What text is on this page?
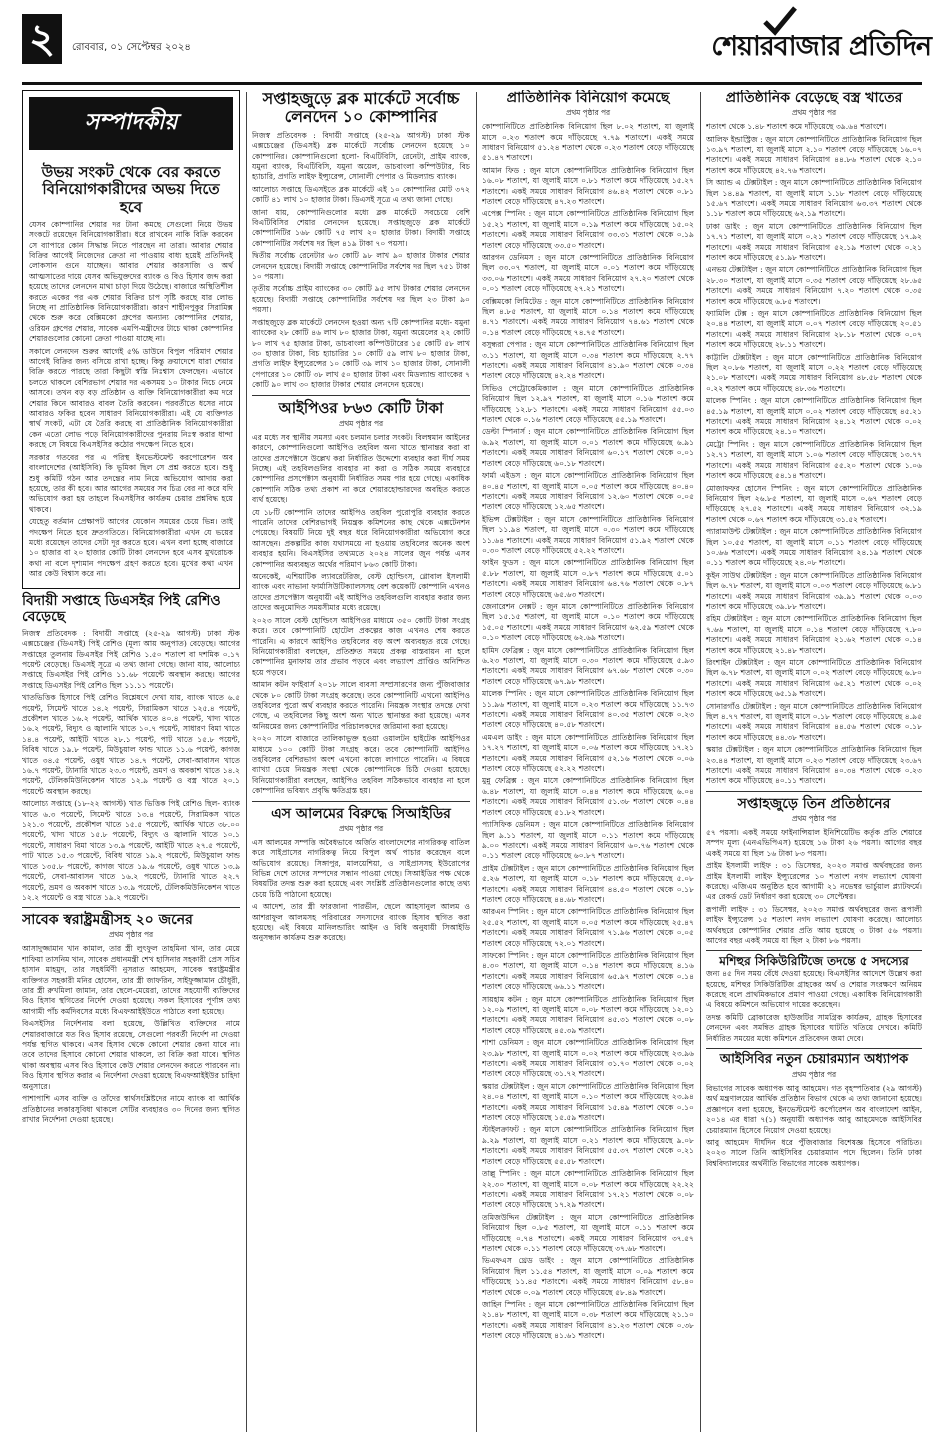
২	রোববার, ০১ সেপ্টেম্বর ২০২৪	শেয়ারবাজার প্রতিদিন
সম্পাদকীয়
উভয় সংকট থেকে বের করতে বিনিয়োগকারীদের অভয় দিতে হবে

যেসব কোম্পানির শেয়ার দর টানা কমছে সেগুলো নিয়ে উভয় সংকটে রয়েছেন বিনিয়োগকারীরা। ধরে রাখবেন নাকি বিক্রি করবেন সে ব্যাপারে কোন সিদ্ধান্ত নিতে পারছেন না তারা। আবার শেয়ার বিক্রির আগেই নিজেদের ক্রেতা না পাওয়ায় বাধ্য হয়েই প্রতিদিনই লোকসান গুনে যাচ্ছেন। আবার শেয়ার কারসাজি ও অর্থ আত্মসাতের দায়ে যেসব অভিযুক্তদের ব্যাংক ও বিও হিসাব জব্দ করা হয়েছে তাদের লেনদেন মাথা চাড়া দিয়ে উঠেছে। বাজারে অস্থিতিশীল করতে একের পর এক শেয়ার বিক্রির চাপ সৃষ্টি করছে যার লোভ নিচ্ছে না প্রাতিষ্ঠানিক বিনিয়োগকারীরা। কারণ শাহীনপুকুর সিরামিক্স থেকে শুরু করে বেক্সিমকো গ্রুপের অন্যান্য কোম্পানির শেয়ার, ওরিয়ন গ্রুপের শেয়ার, সাবেক এমপি-মন্ত্রীদের টাচে থাকা কোম্পানির শেয়ারগুলোর কোনো ক্রেতা পাওয়া যাচ্ছে না।

সকালে লেনদেন শুরুর আগেই ৫% ডাউনে বিপুল পরিমাণ শেয়ার আগেই বিক্রির জন্য বসিয়ে রাখা হচ্ছে। কিন্তু ক্রয়াদেশে যারা শেয়ার বিক্রি করতে পারছে তারা কিছুটা স্বস্তি নিঃশ্বাস ফেলছেন। এভাবে চলতে থাকলে বেশিরভাগ শেয়ার দর একসময় ১০ টাকার নিচে নেমে আসবে। তখন বড় বড় প্রতিষ্ঠান ও ব্যক্তি বিনিয়োগকারীরা কম দরে শেয়ার কিনে আবারও বাবল তৈরি করবেন। পরবর্তীতে ধসের নামে আবারও ফকির হবেন সাধারণ বিনিয়োগকারীরা। এই যে ব্যক্তিগত স্বার্থ সংকট, এটা যে তৈরি করছে বা প্রাতিষ্ঠানিক বিনিয়োগকারীরা কেন এতো লোভ পড়ে বিনিয়োগকারীদের পুনরায় নিঃস্ব করার ধান্দা করছে সে বিষয়ে বিএসইসির কঠোর পদক্ষেপ নিতে হবে।

সরকার গতবের পর এ পরিস্থ ইনভেস্টমেন্ট করপোরেশন অব বাংলাদেশের (আইসিবি) কি ভূমিকা ছিল সে প্রশ্ন করতে হবে। শুধু শুধু কমিটি গঠন আর তদন্তের নাম নিয়ে অভিযোগ আদায় করা হয়েছে, তার কী হবে। আর আগের সময়ের সব চিত্র বের না করে যদি অভিযোগ করা হয় তাহলে বিএসইসির কার্যক্রম চেয়ার প্রশ্নবিদ্ধ হয়ে থাকবে।

যেহেতু বর্তমান প্রেক্ষাপট আগের যেকোন সময়ের চেয়ে ভিন্ন। তাই পদক্ষেপ নিতে হবে দ্রুতগতিতে। বিনিয়োগকারীরা এখন যে ভয়ের মধ্যে রয়েছেন তাদের সেটা দূর করতে হবে। এখন বলা হচ্ছে বাজারে ১০ হাজার বা ২০ হাজার কোটি টাকা লেনদেন হবে এসব মুখরোচক কথা না বলে দৃশ্যমান পদক্ষেপ গ্রহণ করতে হবে। মুখের কথা এখন আর কেউ বিশ্বাস করে না।

বিদায়ী সপ্তাহে ডিএসইর পিই রেশিও বেড়েছে

নিজস্ব প্রতিবেদক : বিদায়ী সপ্তাহে (২৫-২৯ আগস্ট) ঢাকা স্টক এক্সচেঞ্জের (ডিএসই) পিই রেশিও (মূল্য আয় অনুপাত) বেড়েছে। আগের সপ্তাহের তুলনায় ডিএসইর পিই রেশিও ১.৫০ শতাংশ বা দশমিক ০.১৭ পয়েন্ট বেড়েছে। ডিএসই সূত্রে এ তথ্য জানা গেছে। জানা যায়, আলোচ্য সপ্তাহে ডিএসইর পিই রেশিও ১১.৬৮ পয়েন্টে অবস্থান করছে। আগের সপ্তাহে ডিএসইর পিই রেশিও ছিল ১১.১১ পয়েন্টে।

খাতভিত্তিক হিসাবে পিই রেশিও বিশ্লেষণে দেখা যায়, ব্যাংক খাতে ৬.৫ পয়েন্ট, সিমেন্ট খাতে ১৪.২ পয়েন্ট, সিরামিকস খাতে ১২৫.৪ পয়েন্ট, প্রকৌশল খাতে ১৬.২ পয়েন্ট, আর্থিক খাতে ৪০.৪ পয়েন্ট, খাদ্য খাতে ১৬.২ পয়েন্ট, বিদ্যুৎ ও জ্বালানি খাতে ১০.৭ পয়েন্ট, সাধারণ বিমা খাতে ১৪.৪ পয়েন্ট, আইটি খাতে ২৮.১ পয়েন্ট, পাট খাতে ১৫.৮ পয়েন্ট, বিবিধ খাতে ১৯.৮ পয়েন্ট, মিউচুয়াল ফান্ড খাতে ১১.৬ পয়েন্ট, কাগজ খাতে ৩৪.৫ পয়েন্ট, ওষুধ খাতে ১৪.৭ পয়েন্ট, সেবা-আবাসন খাতে ১৬.৭ পয়েন্ট, ট্যানারি খাতে ২৩.৩ পয়েন্ট, ভ্রমণ ও অবকাশ খাতে ১৪.২ পয়েন্ট, টেলিকমিউনিকেশন খাতে ১২.৯ পয়েন্ট ও বস্ত্র খাতে ২০.১ পয়েন্টে অবস্থান করছে।

আলোচ্য সপ্তাহে (১৮-২২ আগস্ট) খাত ভিত্তিক পিই রেশিও ছিল- ব্যাংক খাতে ৬.৩ পয়েন্টে, সিমেন্ট খাতে ১৩.৪ পয়েন্টে, সিরামিকস খাতে ১২১.৩ পয়েন্টে, প্রকৌশল খাতে ১৫.৫ পয়েন্টে, আর্থিক খাতে ৩৮.০০ পয়েন্টে, খাদ্য খাতে ১৫.৮ পয়েন্টে, বিদ্যুৎ ও জ্বালানি খাতে ১০.১ পয়েন্টে, সাধারণ বিমা খাতে ১৩.৯ পয়েন্টে, আইটি খাতে ২৭.৫ পয়েন্টে, পাট খাতে ১৫.৩ পয়েন্টে, বিবিধ খাতে ১৯.২ পয়েন্টে, মিউচুয়াল ফান্ড খাতে ১৩৫.৮ পয়েন্টে, কাগজ খাতে ১৯.৬ পয়েন্টে, ওষুধ খাতে ১৩.৯ পয়েন্টে, সেবা-আবাসন খাতে ১৬.২ পয়েন্টে, ট্যানারি খাতে ২২.৭ পয়েন্টে, ভ্রমণ ও অবকাশ খাতে ১৩.৯ পয়েন্টে, টেলিকমিউনিকেশন খাতে ১২.২ পয়েন্টে ও বস্ত্র খাতে ১৯.২ পয়েন্টে।

সাবেক স্বরাষ্ট্রমন্ত্রীসহ ২০ জনের
প্রথম পৃষ্ঠার পর

আসাদুজ্জামান খান কামাল, তার স্ত্রী লুৎফুল তাহমিনা খান, তার মেয়ে শাফিয়া তাসনিম খান, সাবেক প্রধানমন্ত্রী শেখ হাসিনার সহকারী প্রেস সচিব হাসান মাহমুদ, তার সহধর্মিণী নুসরাত আহমেদ, সাবেক স্বরাষ্ট্রমন্ত্রীর ব্যক্তিগত সহকারী মনির হোসেন, তার স্ত্রী জাফরিন, সাইফুজ্জামান চৌধুরী, তার স্ত্রী রুখমিলা জামান, তার ছেলে-মেয়েরা, তাদের সহযোগী ব্যক্তিদের বিও হিসাব স্থগিতের নির্দেশ দেওয়া হয়েছে। সকল হিসাবের পূর্ণাঙ্গ তথ্য আগামী পাঁচ কর্মদিবসের মধ্যে বিএফআইইউতে পাঠাতে বলা হয়েছে।

বিএসইসির নির্দেশনায় বলা হয়েছে, উল্লিখিত ব্যক্তিদের নামে শেয়ারবাজারে যত বিও হিসাব রয়েছে, সেগুলো পরবর্তী নির্দেশ না দেওয়া পর্যন্ত স্থগিত থাকবে। এসব হিসাব থেকে কোনো শেয়ার কেনা যাবে না। তবে তাদের হিসাবে কোনো শেয়ার থাকলে, তা বিক্রি করা যাবে। স্থগিত থাকা অবস্থায় এসব বিও হিসাবে কেউ শেয়ার লেনদেন করতে পারবেন না। বিও হিসাব স্থগিত করার এ নির্দেশনা দেওয়া হয়েছে বিএফআইইউর চাহিদা অনুসারে।

পাশাপাশি এসব ব্যক্তি ও তাঁদের স্বার্থসংশ্লিষ্টদের নামে ব্যাংক বা আর্থিক প্রতিষ্ঠানের লকারসুবিধা থাকলে সেটির ব্যবহারও ৩০ দিনের জন্য স্থগিত রাখার নির্দেশনা দেওয়া হয়েছে।

সপ্তাহজুড়ে ব্লক মার্কেটে সর্বোচ্চ লেনদেন ১০ কোম্পানির

নিজস্ব প্রতিবেদক : বিদায়ী সপ্তাহে (২৫-২৯ আগস্ট) ঢাকা স্টক এক্সচেঞ্জের (ডিএসই) ব্লক মার্কেটে সর্বোচ্চ লেনদেন হয়েছে ১০ কোম্পানির। কোম্পানিগুলো হলো- বিএটিবিসি, রেনেটা, প্রাইম ব্যাংক, যমুনা ব্যাংক, বিএটিবিসি, যমুনা অয়েল, ডাচবাংলা কম্পিউটার, বিচ হ্যাচারি, প্রগতি লাইফ ইন্স্যুরেন্স, সোনালী পেপার ও মিডল্যান্ড ব্যাংক।

আলোচ্য সপ্তাহে ডিএসইতে ব্লক মার্কেটে এই ১০ কোম্পানির মোট ৩৭২ কোটি ৪১ লাখ ১০ হাজার টাকা। ডিএসই সূত্রে এ তথ্য জানা গেছে।

জানা যায়, কোম্পানিগুলোর মধ্যে ব্লক মার্কেটে সবচেয়ে বেশি বিএটিবিসির শেয়ার লেনদেন হয়েছে। সপ্তাহজুড়ে ব্লক মার্কেটে কোম্পানিটির ১৬৮ কোটি ৭৫ লাখ ২০ হাজার টাকা। বিদায়ী সপ্তাহে কোম্পানিটির সর্বশেষ দর ছিল ৪১৯ টাকা ৭০ পয়সা।

দ্বিতীয় সর্বোচ্চ রেনেটার ৬৩ কোটি ৯৮ লাখ ৯০ হাজার টাকার শেয়ার লেনদেন হয়েছে। বিদায়ী সপ্তাহে কোম্পানিটির সর্বশেষ দর ছিল ৭৫১ টাকা ১০ পয়সা।

তৃতীয় সর্বোচ্চ প্রাইম ব্যাংকের ৩০ কোটি ৯৫ লাখ টাকার শেয়ার লেনদেন হয়েছে। বিদায়ী সপ্তাহে কোম্পানিটির সর্বশেষ দর ছিল ২৩ টাকা ৯০ পয়সা।

সপ্তাহজুড়ে ব্লক মার্কেটে লেনদেন হওয়া অন্য ৭টি কোম্পানির মধ্যে- যমুনা ব্যাংকের ২৮ কোটি ৪৬ লাখ ৮০ হাজার টাকা, যমুনা অয়েলের ২২ কোটি ৮০ লাখ ৭৫ হাজার টাকা, ডাচবাংলা কম্পিউটারের ১৫ কোটি ৫৮ লাখ ৩০ হাজার টাকা, বিচ হ্যাচারির ১০ কোটি ৫৯ লাখ ৮০ হাজার টাকা, প্রগতি লাইফ ইন্স্যুরেন্সের ১০ কোটি ৩৯ লাখ ১০ হাজার টাকা, সোনালী পেপারের ১০ কোটি ৩৮ লাখ ৫০ হাজার টাকা এবং মিডল্যান্ড ব্যাংকের ৭ কোটি ৯০ লাখ ৩০ হাজার টাকার শেয়ার লেনদেন হয়েছে।

আইপিওর ৮৬৩ কোটি টাকা
প্রথম পৃষ্ঠার পর

এর মধ্যে সব স্থানীয় সমস্যা এবং চলমান চলার সংকট। বিলম্বমান আইনের কারণে, কোম্পানিগুলো আইপিও তহবিল অন্য খাতে স্থানান্তর করা বা তাদের প্রসপেক্টাসে উল্লেখ করা নির্ধারিত উদ্দেশ্যে ব্যবহার করা দীর্ঘ সময় নিচ্ছে। এই তহবিলগুলির ব্যবহার না করা ও সঠিক সময়ে ব্যবহারে কোম্পানির প্রসপেক্টাস অনুযায়ী নির্ধারিত সময় পার হয়ে গেছে। একাধিক কোম্পানি সঠিক তথ্য প্রকাশ না করে শেয়ারহোল্ডারদের অবহিত করতে ব্যর্থ হয়েছে।

যে ১৮টি কোম্পানি তাদের আইপিও তহবিল পুরোপুরি ব্যবহার করতে পারেনি তাদের বেশিরভাগই নিয়ন্ত্রক কমিশনের কাছ থেকে এক্সটেনশন পেয়েছে। বিষয়টি নিয়ে দুই বছর ধরে বিনিয়োগকারীরা অভিযোগ করে আসছেন। প্রকল্পটির কাজ যথাসময়ে না হওয়ায় তহবিলের অনেক অংশ ব্যবহার হয়নি। বিএসইসির তথ্যমতে ২০২৪ সালের জুন পর্যন্ত এসব কোম্পানির অব্যবহৃত অর্থের পরিমাণ ৮৬৩ কোটি টাকা।

অনেকেই, এশিয়াটিক ল্যাবরেটরিজ, বেস্ট হোল্ডিংস, গ্লোবাল ইসলামী ব্যাংক এবং নাভানা ফার্মাসিউটিক্যালসসহ বেশ কয়েকটি কোম্পানি এখনও তাদের প্রসপেক্টাস অনুযায়ী এই আইপিও তহবিলগুলি ব্যবহার করার জন্য তাদের অনুমোদিত সময়সীমার মধ্যে রয়েছে।

২০২৩ সালে বেস্ট হোল্ডিংস আইপিওর মাধ্যমে ৩৫০ কোটি টাকা সংগ্রহ করে। তবে কোম্পানিটি হোটেল প্রকল্পের কাজ এখনও শেষ করতে পারেনি। এ কারণে আইপিও তহবিলের বড় অংশ অব্যবহৃত রয়ে গেছে। বিনিয়োগকারীরা বলছেন, প্রতিশ্রুত সময়ে প্রকল্প বাস্তবায়ন না হলে কোম্পানির মুনাফায় তার প্রভাব পড়বে এবং লভ্যাংশ প্রাপ্তিও অনিশ্চিত হয়ে পড়বে।

আমান কটন ফাইবার্স ২০১৮ সালে ব্যবসা সম্প্রসারণের জন্য পুঁজিবাজার থেকে ৮০ কোটি টাকা সংগ্রহ করেছে। তবে কোম্পানিটি এখনো আইপিও তহবিলের পুরো অর্থ ব্যবহার করতে পারেনি। নিয়ন্ত্রক সংস্থার তদন্তে দেখা গেছে, এ তহবিলের কিছু অংশ অন্য খাতে স্থানান্তর করা হয়েছে। এসব অনিয়মের জন্য কোম্পানিটির পরিচালকদের জরিমানা করা হয়েছে।

২০২০ সালে বাজারে তালিকাভুক্ত হওয়া ওয়ালটন হাইটেক আইপিওর মাধ্যমে ১০০ কোটি টাকা সংগ্রহ করে। তবে কোম্পানিটি আইপিও তহবিলের বেশিরভাগ অংশ এখনো কাজে লাগাতে পারেনি। এ বিষয়ে ব্যাখ্যা চেয়ে নিয়ন্ত্রক সংস্থা থেকে কোম্পানিকে চিঠি দেওয়া হয়েছে। বিনিয়োগকারীরা বলছেন, আইপিও তহবিল সঠিকভাবে ব্যবহার না হলে কোম্পানির ভবিষ্যৎ প্রবৃদ্ধি ক্ষতিগ্রস্ত হয়।

এস আলমের বিরুদ্ধে সিআইডির
প্রথম পৃষ্ঠার পর

এস আলমের সম্পত্তি অবৈধভাবে অর্জিত বাংলাদেশের নাগরিকত্ব বাতিল করে সাইপ্রাসের নাগরিকত্ব নিয়ে বিপুল অর্থ পাচার করেছেন বলে অভিযোগ রয়েছে। সিঙ্গাপুর, মালয়েশিয়া, ও সাইপ্রাসসহ ইউরোপের বিভিন্ন দেশে তাদের সম্পদের সন্ধান পাওয়া গেছে। সিআইডির পক্ষ থেকে বিষয়টির তদন্ত শুরু করা হয়েছে এবং সংশ্লিষ্ট প্রতিষ্ঠানগুলোর কাছে তথ্য চেয়ে চিঠি পাঠানো হয়েছে।

এ আদেশ, তার স্ত্রী ফারজানা পারভীন, ছেলে আহসানুল আলম ও আশরাফুল আলমসহ পরিবারের সদস্যদের ব্যাংক হিসাব স্থগিত করা হয়েছে। এই বিষয়ে মানিলন্ডারিং আইন ও বিধি অনুযায়ী সিআইডি অনুসন্ধান কার্যক্রম শুরু করেছে।

প্রাতিষ্ঠানিক বিনিয়োগ কমেছে
প্রথম পৃষ্ঠার পর

কোম্পানিটিতে প্রাতিষ্ঠানিক বিনিয়োগ ছিল ৮.০২ শতাংশ, যা জুলাই মাসে ০.২৩ শতাংশ কমে দাঁড়িয়েছে ৭.৭৯ শতাংশে। একই সময়ে সাধারণ বিনিয়োগ ৫১.২৪ শতাংশ থেকে ০.২৩ শতাংশ বেড়ে দাঁড়িয়েছে ৫১.৪৭ শতাংশে।

আমান ফিড : জুন মাসে কোম্পানিটিতে প্রাতিষ্ঠানিক বিনিয়োগ ছিল ১৬.০৮ শতাংশ, যা জুলাই মাসে ০.৮১ শতাংশ কমে দাঁড়িয়েছে ১৫.২৭ শতাংশে। একই সময়ে সাধারণ বিনিয়োগ ৪৬.৪২ শতাংশ থেকে ০.৮১ শতাংশ বেড়ে দাঁড়িয়েছে ৪৭.২৩ শতাংশে।

এপেক্স স্পিনিং : জুন মাসে কোম্পানিটিতে প্রাতিষ্ঠানিক বিনিয়োগ ছিল ১৫.২১ শতাংশ, যা জুলাই মাসে ০.১৯ শতাংশ কমে দাঁড়িয়েছে ১৫.০২ শতাংশে। একই সময়ে সাধারণ বিনিয়োগ ৩৩.৩১ শতাংশ থেকে ০.১৯ শতাংশ বেড়ে দাঁড়িয়েছে ৩৩.৫০ শতাংশে।

আরগন ডেনিমস : জুন মাসে কোম্পানিটিতে প্রাতিষ্ঠানিক বিনিয়োগ ছিল ৩৩.০৭ শতাংশ, যা জুলাই মাসে ০.০১ শতাংশ কমে দাঁড়িয়েছে ৩৩.০৬ শতাংশে। একই সময়ে সাধারণ বিনিয়োগ ২৭.২০ শতাংশ থেকে ০.০১ শতাংশ বেড়ে দাঁড়িয়েছে ২৭.২১ শতাংশে।

বেক্সিমকো লিমিটেড : জুন মাসে কোম্পানিটিতে প্রাতিষ্ঠানিক বিনিয়োগ ছিল ৪.৮৫ শতাংশ, যা জুলাই মাসে ০.১৪ শতাংশ কমে দাঁড়িয়েছে ৪.৭১ শতাংশে। একই সময়ে সাধারণ বিনিয়োগ ৭৪.৬১ শতাংশ থেকে ০.১৪ শতাংশ বেড়ে দাঁড়িয়েছে ৭৪.৭৫ শতাংশে।

বসুন্ধরা পেপার : জুন মাসে কোম্পানিটিতে প্রাতিষ্ঠানিক বিনিয়োগ ছিল ৩.১১ শতাংশ, যা জুলাই মাসে ০.৩৪ শতাংশ কমে দাঁড়িয়েছে ২.৭৭ শতাংশে। একই সময়ে সাধারণ বিনিয়োগ ৪১.৯০ শতাংশ থেকে ০.৩৪ শতাংশ বেড়ে দাঁড়িয়েছে ৪২.২৪ শতাংশে।

সিভিও পেট্রোকেমিক্যাল : জুন মাসে কোম্পানিটিতে প্রাতিষ্ঠানিক বিনিয়োগ ছিল ১২.৯৭ শতাংশ, যা জুলাই মাসে ০.১৬ শতাংশ কমে দাঁড়িয়েছে ১২.৮১ শতাংশে। একই সময়ে সাধারণ বিনিয়োগ ৫৫.০৩ শতাংশ থেকে ০.১৬ শতাংশ বেড়ে দাঁড়িয়েছে ৫৫.১৯ শতাংশে।

ডেল্টা স্পিনার্স : জুন মাসে কোম্পানিটিতে প্রাতিষ্ঠানিক বিনিয়োগ ছিল ৬.৯২ শতাংশ, যা জুলাই মাসে ০.০১ শতাংশ কমে দাঁড়িয়েছে ৬.৯১ শতাংশে। একই সময়ে সাধারণ বিনিয়োগ ৬০.১৭ শতাংশ থেকে ০.০১ শতাংশ বেড়ে দাঁড়িয়েছে ৬০.১৮ শতাংশে।

ফার্মা এইডস : জুন মাসে কোম্পানিটিতে প্রাতিষ্ঠানিক বিনিয়োগ ছিল ৪০.৪৫ শতাংশ, যা জুলাই মাসে ০.০৫ শতাংশ কমে দাঁড়িয়েছে ৪০.৪০ শতাংশে। একই সময়ে সাধারণ বিনিয়োগ ১২.৬০ শতাংশ থেকে ০.০৫ শতাংশ বেড়ে দাঁড়িয়েছে ১২.৬৫ শতাংশে।

ইভিন্স টেক্সটাইল : জুন মাসে কোম্পানিটিতে প্রাতিষ্ঠানিক বিনিয়োগ ছিল ১১.৯৪ শতাংশ, যা জুলাই মাসে ০.৩০ শতাংশ কমে দাঁড়িয়েছে ১১.৬৪ শতাংশে। একই সময়ে সাধারণ বিনিয়োগ ৫১.৯২ শতাংশ থেকে ০.৩০ শতাংশ বেড়ে দাঁড়িয়েছে ৫২.২২ শতাংশে।

ফাইন ফুডস : জুন মাসে কোম্পানিটিতে প্রাতিষ্ঠানিক বিনিয়োগ ছিল ৫.৮৮ শতাংশ, যা জুলাই মাসে ০.৮৭ শতাংশ কমে দাঁড়িয়েছে ৫.০১ শতাংশে। একই সময়ে সাধারণ বিনিয়োগ ৬৪.৭৬ শতাংশ থেকে ০.৮৭ শতাংশ বেড়ে দাঁড়িয়েছে ৬৫.৬৩ শতাংশে।

জেনারেশন নেক্সট : জুন মাসে কোম্পানিটিতে প্রাতিষ্ঠানিক বিনিয়োগ ছিল ১৫.১৫ শতাংশ, যা জুলাই মাসে ০.১০ শতাংশ কমে দাঁড়িয়েছে ১৫.০৫ শতাংশে। একই সময়ে সাধারণ বিনিয়োগ ৬২.৫৯ শতাংশ থেকে ০.১০ শতাংশ বেড়ে দাঁড়িয়েছে ৬২.৬৯ শতাংশে।

হামিদ ফেব্রিক্স : জুন মাসে কোম্পানিটিতে প্রাতিষ্ঠানিক বিনিয়োগ ছিল ৬.২৩ শতাংশ, যা জুলাই মাসে ০.৩০ শতাংশ কমে দাঁড়িয়েছে ৫.৯৩ শতাংশে। একই সময়ে সাধারণ বিনিয়োগ ৬৭.৬৮ শতাংশ থেকে ০.৩০ শতাংশ বেড়ে দাঁড়িয়েছে ৬৭.৯৮ শতাংশে।

মালেক স্পিনিং : জুন মাসে কোম্পানিটিতে প্রাতিষ্ঠানিক বিনিয়োগ ছিল ১১.৯৬ শতাংশ, যা জুলাই মাসে ০.২৩ শতাংশ কমে দাঁড়িয়েছে ১১.৭৩ শতাংশে। একই সময়ে সাধারণ বিনিয়োগ ৪০.৩৫ শতাংশ থেকে ০.২৩ শতাংশ বেড়ে দাঁড়িয়েছে ৪০.৫৮ শতাংশে।

এমএল ডাইং : জুন মাসে কোম্পানিটিতে প্রাতিষ্ঠানিক বিনিয়োগ ছিল ১৭.২৭ শতাংশ, যা জুলাই মাসে ০.০৬ শতাংশ কমে দাঁড়িয়েছে ১৭.২১ শতাংশে। একই সময়ে সাধারণ বিনিয়োগ ৫২.১৬ শতাংশ থেকে ০.০৬ শতাংশ বেড়ে দাঁড়িয়েছে ৫২.২২ শতাংশে।

মুন্নু ফেব্রিক্স : জুন মাসে কোম্পানিটিতে প্রাতিষ্ঠানিক বিনিয়োগ ছিল ৬.৪৮ শতাংশ, যা জুলাই মাসে ০.৪৪ শতাংশ কমে দাঁড়িয়েছে ৬.০৪ শতাংশে। একই সময়ে সাধারণ বিনিয়োগ ৫১.৩৮ শতাংশ থেকে ০.৪৪ শতাংশ বেড়ে দাঁড়িয়েছে ৫১.৮২ শতাংশে।

প্যাসিফিক ডেনিমস : জুন মাসে কোম্পানিটিতে প্রাতিষ্ঠানিক বিনিয়োগ ছিল ৯.১১ শতাংশ, যা জুলাই মাসে ০.১১ শতাংশ কমে দাঁড়িয়েছে ৯.০০ শতাংশে। একই সময়ে সাধারণ বিনিয়োগ ৬০.৭৬ শতাংশ থেকে ০.১১ শতাংশ বেড়ে দাঁড়িয়েছে ৬০.৮৭ শতাংশে।

প্রাইম টেক্সটাইল : জুন মাসে কোম্পানিটিতে প্রাতিষ্ঠানিক বিনিয়োগ ছিল ৫.২৬ শতাংশ, যা জুলাই মাসে ০.১৮ শতাংশ কমে দাঁড়িয়েছে ৫.০৮ শতাংশে। একই সময়ে সাধারণ বিনিয়োগ ৪৪.৫০ শতাংশ থেকে ০.১৮ শতাংশ বেড়ে দাঁড়িয়েছে ৪৪.৬৮ শতাংশে।

আরএন স্পিনিং : জুন মাসে কোম্পানিটিতে প্রাতিষ্ঠানিক বিনিয়োগ ছিল ২৫.৫২ শতাংশ, যা জুলাই মাসে ০.০৫ শতাংশ কমে দাঁড়িয়েছে ২৫.৪৭ শতাংশে। একই সময়ে সাধারণ বিনিয়োগ ৭১.৯৬ শতাংশ থেকে ০.০৫ শতাংশ বেড়ে দাঁড়িয়েছে ৭২.০১ শতাংশে।

সাফকো স্পিনিং : জুন মাসে কোম্পানিটিতে প্রাতিষ্ঠানিক বিনিয়োগ ছিল ৪.৩০ শতাংশ, যা জুলাই মাসে ০.১৪ শতাংশ কমে দাঁড়িয়েছে ৪.১৬ শতাংশে। একই সময়ে সাধারণ বিনিয়োগ ৬৫.৯৭ শতাংশ থেকে ০.১৪ শতাংশ বেড়ে দাঁড়িয়েছে ৬৬.১১ শতাংশে।

সায়হাম কটন : জুন মাসে কোম্পানিটিতে প্রাতিষ্ঠানিক বিনিয়োগ ছিল ১২.০৯ শতাংশ, যা জুলাই মাসে ০.০৮ শতাংশ কমে দাঁড়িয়েছে ১২.০১ শতাংশে। একই সময়ে সাধারণ বিনিয়োগ ৪৫.৩১ শতাংশ থেকে ০.০৮ শতাংশ বেড়ে দাঁড়িয়েছে ৪৫.৩৯ শতাংশে।

শাশা ডেনিমস : জুন মাসে কোম্পানিটিতে প্রাতিষ্ঠানিক বিনিয়োগ ছিল ২৩.৯৮ শতাংশ, যা জুলাই মাসে ০.০২ শতাংশ কমে দাঁড়িয়েছে ২৩.৯৬ শতাংশে। একই সময়ে সাধারণ বিনিয়োগ ৩১.৭০ শতাংশ থেকে ০.০২ শতাংশ বেড়ে দাঁড়িয়েছে ৩১.৭২ শতাংশে।

স্কয়ার টেক্সটাইল : জুন মাসে কোম্পানিটিতে প্রাতিষ্ঠানিক বিনিয়োগ ছিল ২৪.০৪ শতাংশ, যা জুলাই মাসে ০.১০ শতাংশ কমে দাঁড়িয়েছে ২৩.৯৪ শতাংশে। একই সময়ে সাধারণ বিনিয়োগ ১৫.৪৯ শতাংশ থেকে ০.১০ শতাংশ বেড়ে দাঁড়িয়েছে ১৫.৫৯ শতাংশে।

স্টাইলক্রাফট : জুন মাসে কোম্পানিটিতে প্রাতিষ্ঠানিক বিনিয়োগ ছিল ৯.২৯ শতাংশ, যা জুলাই মাসে ০.২১ শতাংশ কমে দাঁড়িয়েছে ৯.০৮ শতাংশে। একই সময়ে সাধারণ বিনিয়োগ ৫৫.৩৭ শতাংশ থেকে ০.২১ শতাংশ বেড়ে দাঁড়িয়েছে ৫৫.৫৮ শতাংশে।

তাল্লু স্পিনিং : জুন মাসে কোম্পানিটিতে প্রাতিষ্ঠানিক বিনিয়োগ ছিল ২২.৩০ শতাংশ, যা জুলাই মাসে ০.০৮ শতাংশ কমে দাঁড়িয়েছে ২২.২২ শতাংশে। একই সময়ে সাধারণ বিনিয়োগ ১৭.২১ শতাংশ থেকে ০.০৮ শতাংশ বেড়ে দাঁড়িয়েছে ১৭.২৯ শতাংশে।

তমিজউদ্দিন টেক্সটাইল : জুন মাসে কোম্পানিটিতে প্রাতিষ্ঠানিক বিনিয়োগ ছিল ০.৮৫ শতাংশ, যা জুলাই মাসে ০.১১ শতাংশ কমে দাঁড়িয়েছে ০.৭৪ শতাংশে। একই সময়ে সাধারণ বিনিয়োগ ৩৭.৫৭ শতাংশ থেকে ০.১১ শতাংশ বেড়ে দাঁড়িয়েছে ৩৭.৬৮ শতাংশে।

ভিএফএস থ্রেড ডাইং : জুন মাসে কোম্পানিটিতে প্রাতিষ্ঠানিক বিনিয়োগ ছিল ১১.৫৪ শতাংশ, যা জুলাই মাসে ০.০৯ শতাংশ কমে দাঁড়িয়েছে ১১.৪৫ শতাংশে। একই সময়ে সাধারণ বিনিয়োগ ৫৮.৪০ শতাংশ থেকে ০.০৯ শতাংশ বেড়ে দাঁড়িয়েছে ৫৮.৪৯ শতাংশে।

জাহিন স্পিনিং : জুন মাসে কোম্পানিটিতে প্রাতিষ্ঠানিক বিনিয়োগ ছিল ২১.৪৮ শতাংশ, যা জুলাই মাসে ০.৩৮ শতাংশ কমে দাঁড়িয়েছে ২১.১০ শতাংশে। একই সময়ে সাধারণ বিনিয়োগ ৪১.২৩ শতাংশ থেকে ০.৩৮ শতাংশ বেড়ে দাঁড়িয়েছে ৪১.৬১ শতাংশে।

প্রাতিষ্ঠানিক বেড়েছে বস্ত্র খাতের
প্রথম পৃষ্ঠার পর

শতাংশ থেকে ১.৪৮ শতাংশ কমে দাঁড়িয়েছে ৩৯.৬৪ শতাংশে।

আলিফ ইন্ডাস্ট্রিজ : জুন মাসে কোম্পানিটিতে প্রাতিষ্ঠানিক বিনিয়োগ ছিল ১৩.৯৭ শতাংশ, যা জুলাই মাসে ২.১০ শতাংশ বেড়ে দাঁড়িয়েছে ১৬.০৭ শতাংশে। একই সময়ে সাধারণ বিনিয়োগ ৪৪.৮৬ শতাংশ থেকে ২.১০ শতাংশ কমে দাঁড়িয়েছে ৪২.৭৬ শতাংশে।

সি অ্যান্ড এ টেক্সটাইল : জুন মাসে কোম্পানিটিতে প্রাতিষ্ঠানিক বিনিয়োগ ছিল ১৪.৪৯ শতাংশ, যা জুলাই মাসে ১.১৮ শতাংশ বেড়ে দাঁড়িয়েছে ১৫.৬৭ শতাংশে। একই সময়ে সাধারণ বিনিয়োগ ৬৩.৩৭ শতাংশ থেকে ১.১৮ শতাংশ কমে দাঁড়িয়েছে ৬২.১৯ শতাংশে।

ঢাকা ডাইং : জুন মাসে কোম্পানিটিতে প্রাতিষ্ঠানিক বিনিয়োগ ছিল ১৭.৭১ শতাংশ, যা জুলাই মাসে ০.২১ শতাংশ বেড়ে দাঁড়িয়েছে ১৭.৯২ শতাংশে। একই সময়ে সাধারণ বিনিয়োগ ৫২.১৯ শতাংশ থেকে ০.২১ শতাংশ কমে দাঁড়িয়েছে ৫১.৯৮ শতাংশে।

এনভয় টেক্সটাইল : জুন মাসে কোম্পানিটিতে প্রাতিষ্ঠানিক বিনিয়োগ ছিল ২৮.৩০ শতাংশ, যা জুলাই মাসে ০.৩৫ শতাংশ বেড়ে দাঁড়িয়েছে ২৮.৬৫ শতাংশে। একই সময়ে সাধারণ বিনিয়োগ ৭.২০ শতাংশ থেকে ০.৩৫ শতাংশ কমে দাঁড়িয়েছে ৬.৮৫ শতাংশে।

ফ্যামিলি টেক্স : জুন মাসে কোম্পানিটিতে প্রাতিষ্ঠানিক বিনিয়োগ ছিল ২০.৪৪ শতাংশ, যা জুলাই মাসে ০.০৭ শতাংশ বেড়ে দাঁড়িয়েছে ২০.৫১ শতাংশে। একই সময়ে সাধারণ বিনিয়োগ ২৮.১৮ শতাংশ থেকে ০.০৭ শতাংশ কমে দাঁড়িয়েছে ২৮.১১ শতাংশে।

কাট্টালি টেক্সটাইল : জুন মাসে কোম্পানিটিতে প্রাতিষ্ঠানিক বিনিয়োগ ছিল ২০.৮৬ শতাংশ, যা জুলাই মাসে ০.২২ শতাংশ বেড়ে দাঁড়িয়েছে ২১.০৮ শতাংশে। একই সময়ে সাধারণ বিনিয়োগ ৪৮.৫৮ শতাংশ থেকে ০.২২ শতাংশ কমে দাঁড়িয়েছে ৪৮.৩৬ শতাংশে।

মালেক স্পিনিং : জুন মাসে কোম্পানিটিতে প্রাতিষ্ঠানিক বিনিয়োগ ছিল ৪৫.১৯ শতাংশ, যা জুলাই মাসে ০.০২ শতাংশ বেড়ে দাঁড়িয়েছে ৪৫.২১ শতাংশে। একই সময়ে সাধারণ বিনিয়োগ ২৪.১২ শতাংশ থেকে ০.০২ শতাংশ কমে দাঁড়িয়েছে ২৪.১০ শতাংশে।

মেট্রো স্পিনিং : জুন মাসে কোম্পানিটিতে প্রাতিষ্ঠানিক বিনিয়োগ ছিল ১২.৭১ শতাংশ, যা জুলাই মাসে ১.০৬ শতাংশ বেড়ে দাঁড়িয়েছে ১৩.৭৭ শতাংশে। একই সময়ে সাধারণ বিনিয়োগ ৫৫.২০ শতাংশ থেকে ১.০৬ শতাংশ কমে দাঁড়িয়েছে ৫৪.১৪ শতাংশে।

মোজাফফর হোসেন স্পিনিং : জুন মাসে কোম্পানিটিতে প্রাতিষ্ঠানিক বিনিয়োগ ছিল ২৬.৮৫ শতাংশ, যা জুলাই মাসে ০.৬৭ শতাংশ বেড়ে দাঁড়িয়েছে ২৭.৫২ শতাংশে। একই সময়ে সাধারণ বিনিয়োগ ৩২.১৯ শতাংশ থেকে ০.৬৭ শতাংশ কমে দাঁড়িয়েছে ৩১.৫২ শতাংশে।

প্যারামাউন্ট টেক্সটাইল : জুন মাসে কোম্পানিটিতে প্রাতিষ্ঠানিক বিনিয়োগ ছিল ১০.৫৫ শতাংশ, যা জুলাই মাসে ০.১১ শতাংশ বেড়ে দাঁড়িয়েছে ১০.৬৬ শতাংশে। একই সময়ে সাধারণ বিনিয়োগ ২৪.১৯ শতাংশ থেকে ০.১১ শতাংশ কমে দাঁড়িয়েছে ২৪.০৮ শতাংশে।

কুইন সাউথ টেক্সটাইল : জুন মাসে কোম্পানিটিতে প্রাতিষ্ঠানিক বিনিয়োগ ছিল ৬.৭৮ শতাংশ, যা জুলাই মাসে ০.০৩ শতাংশ বেড়ে দাঁড়িয়েছে ৬.৮১ শতাংশে। একই সময়ে সাধারণ বিনিয়োগ ৩৯.৯১ শতাংশ থেকে ০.০৩ শতাংশ কমে দাঁড়িয়েছে ৩৯.৮৮ শতাংশে।

রহিম টেক্সটাইল : জুন মাসে কোম্পানিটিতে প্রাতিষ্ঠানিক বিনিয়োগ ছিল ৭.৬৬ শতাংশ, যা জুলাই মাসে ০.১৪ শতাংশ বেড়ে দাঁড়িয়েছে ৭.৮০ শতাংশে। একই সময়ে সাধারণ বিনিয়োগ ২১.৬২ শতাংশ থেকে ০.১৪ শতাংশ কমে দাঁড়িয়েছে ২১.৪৮ শতাংশে।

রিংশাইন টেক্সটাইল : জুন মাসে কোম্পানিটিতে প্রাতিষ্ঠানিক বিনিয়োগ ছিল ৬.৭৮ শতাংশ, যা জুলাই মাসে ০.০২ শতাংশ বেড়ে দাঁড়িয়েছে ৬.৮০ শতাংশে। একই সময়ে সাধারণ বিনিয়োগ ৬৫.২১ শতাংশ থেকে ০.০২ শতাংশ কমে দাঁড়িয়েছে ৬৫.১৯ শতাংশে।

সোনারগাঁও টেক্সটাইল : জুন মাসে কোম্পানিটিতে প্রাতিষ্ঠানিক বিনিয়োগ ছিল ৪.৭৭ শতাংশ, যা জুলাই মাসে ০.১৮ শতাংশ বেড়ে দাঁড়িয়েছে ৪.৯৫ শতাংশে। একই সময়ে সাধারণ বিনিয়োগ ৪৪.৫৬ শতাংশ থেকে ০.১৮ শতাংশ কমে দাঁড়িয়েছে ৪৪.৩৮ শতাংশে।

স্কয়ার টেক্সটাইল : জুন মাসে কোম্পানিটিতে প্রাতিষ্ঠানিক বিনিয়োগ ছিল ২৩.৪৪ শতাংশ, যা জুলাই মাসে ০.২৩ শতাংশ বেড়ে দাঁড়িয়েছে ২৩.৬৭ শতাংশে। একই সময়ে সাধারণ বিনিয়োগ ৪০.৩৪ শতাংশ থেকে ০.২৩ শতাংশ কমে দাঁড়িয়েছে ৪০.১১ শতাংশে।

সপ্তাহজুড়ে তিন প্রতিষ্ঠানের
প্রথম পৃষ্ঠার পর

৫৭ পয়সা। একই সময়ে ফাইনান্সিয়াল ইনিশিয়েটিভ কর্তৃক প্রতি শেয়ারে সম্পদ মূল্য (এনএভিপিএস) হয়েছে ১৬ টাকা ২৬ পয়সা। আগের বছর একই সময়ে যা ছিল ১৬ টাকা ৮৩ পয়সা।

প্রাইম ইসলামী লাইফ : ৩১ ডিসেম্বর, ২০২৩ সমাপ্ত অর্থবছরের জন্য প্রাইম ইসলামী লাইফ ইন্স্যুরেন্সের ১০ শতাংশ নগদ লভ্যাংশ ঘোষণা করেছে। এজিএম অনুষ্ঠিত হবে আগামী ২১ নভেম্বর ভার্চুয়াল প্ল্যাটফর্মে। এর রেকর্ড ডেট নির্ধারণ করা হয়েছে ৩০ সেপ্টেম্বর।

রূপালী লাইফ : ৩১ ডিসেম্বর, ২০২৩ সমাপ্ত অর্থবছরের জন্য রূপালী লাইফ ইন্স্যুরেন্স ১৫ শতাংশ নগদ লভ্যাংশ ঘোষণা করেছে। আলোচ্য অর্থবছরে কোম্পানির শেয়ার প্রতি আয় হয়েছে ৩ টাকা ৫৬ পয়সা। আগের বছর একই সময়ে যা ছিল ২ টাকা ৮৬ পয়সা।

মশিহুর সিকিউরিটিজে তদন্তে ৫ সদস্যের

জন্য ৪৫ দিন সময় বেঁধে দেওয়া হয়েছে। বিএসইসির আদেশে উল্লেখ করা হয়েছে, মশিহুর সিকিউরিটিজ গ্রাহকের অর্থ ও শেয়ার সংরক্ষণে অনিয়ম করেছে বলে প্রাথমিকভাবে প্রমাণ পাওয়া গেছে। একাধিক বিনিয়োগকারী এ বিষয়ে কমিশনে অভিযোগ দায়ের করেছেন।

তদন্ত কমিটি ব্রোকারেজ হাউজটির সামগ্রিক কার্যক্রম, গ্রাহক হিসাবের লেনদেন এবং সমন্বিত গ্রাহক হিসাবের ঘাটতি খতিয়ে দেখবে। কমিটি নির্ধারিত সময়ের মধ্যে কমিশনে প্রতিবেদন জমা দেবে।

আইসিবির নতুন চেয়ারম্যান অধ্যাপক
প্রথম পৃষ্ঠার পর

বিভাগের সাবেক অধ্যাপক আবু আহমেদ। গত বৃহস্পতিবার (২৯ আগস্ট) অর্থ মন্ত্রণালয়ের আর্থিক প্রতিষ্ঠান বিভাগ থেকে এ তথ্য জানানো হয়েছে। প্রজ্ঞাপনে বলা হয়েছে, ইনভেস্টমেন্ট কর্পোরেশন অব বাংলাদেশ আইন, ২০১৪ এর ধারা ৭(১) অনুযায়ী অধ্যাপক আবু আহমেদকে আইসিবির চেয়ারম্যান হিসেবে নিয়োগ দেওয়া হয়েছে।

আবু আহমেদ দীর্ঘদিন ধরে পুঁজিবাজার বিশেষজ্ঞ হিসেবে পরিচিত। ২০২৩ সালে তিনি আইসিবির চেয়ারম্যান পদে ছিলেন। তিনি ঢাকা বিশ্ববিদ্যালয়ের অর্থনীতি বিভাগের সাবেক অধ্যাপক।
